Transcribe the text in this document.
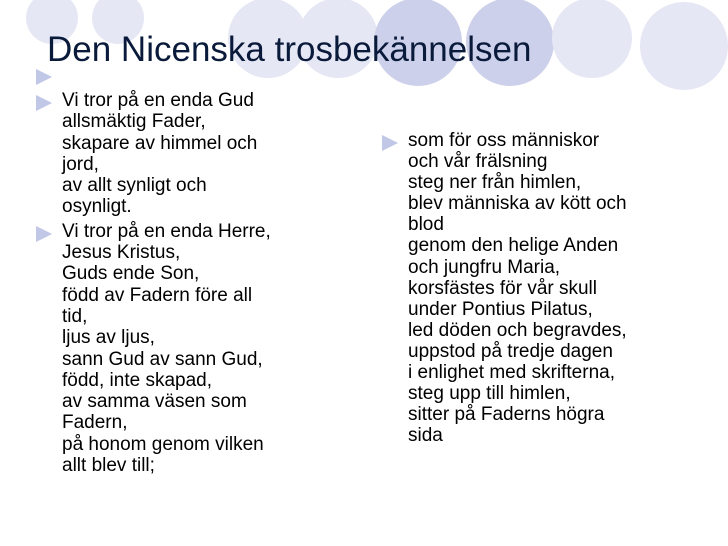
Den Nicenska trosbekännelsen
Vi tror på en enda Gud
allsmäktig Fader,
skapare av himmel och
jord,
av allt synligt och
osynligt.
Vi tror på en enda Herre,
Jesus Kristus,
Guds ende Son,
född av Fadern före all
tid,
ljus av ljus,
sann Gud av sann Gud,
född, inte skapad,
av samma väsen som
Fadern,
på honom genom vilken
allt blev till;
som för oss människor
och vår frälsning
steg ner från himlen,
blev människa av kött och
blod
genom den helige Anden
och jungfru Maria,
korsfästes för vår skull
under Pontius Pilatus,
led döden och begravdes,
uppstod på tredje dagen
i enlighet med skrifterna,
steg upp till himlen,
sitter på Faderns högra
sida
